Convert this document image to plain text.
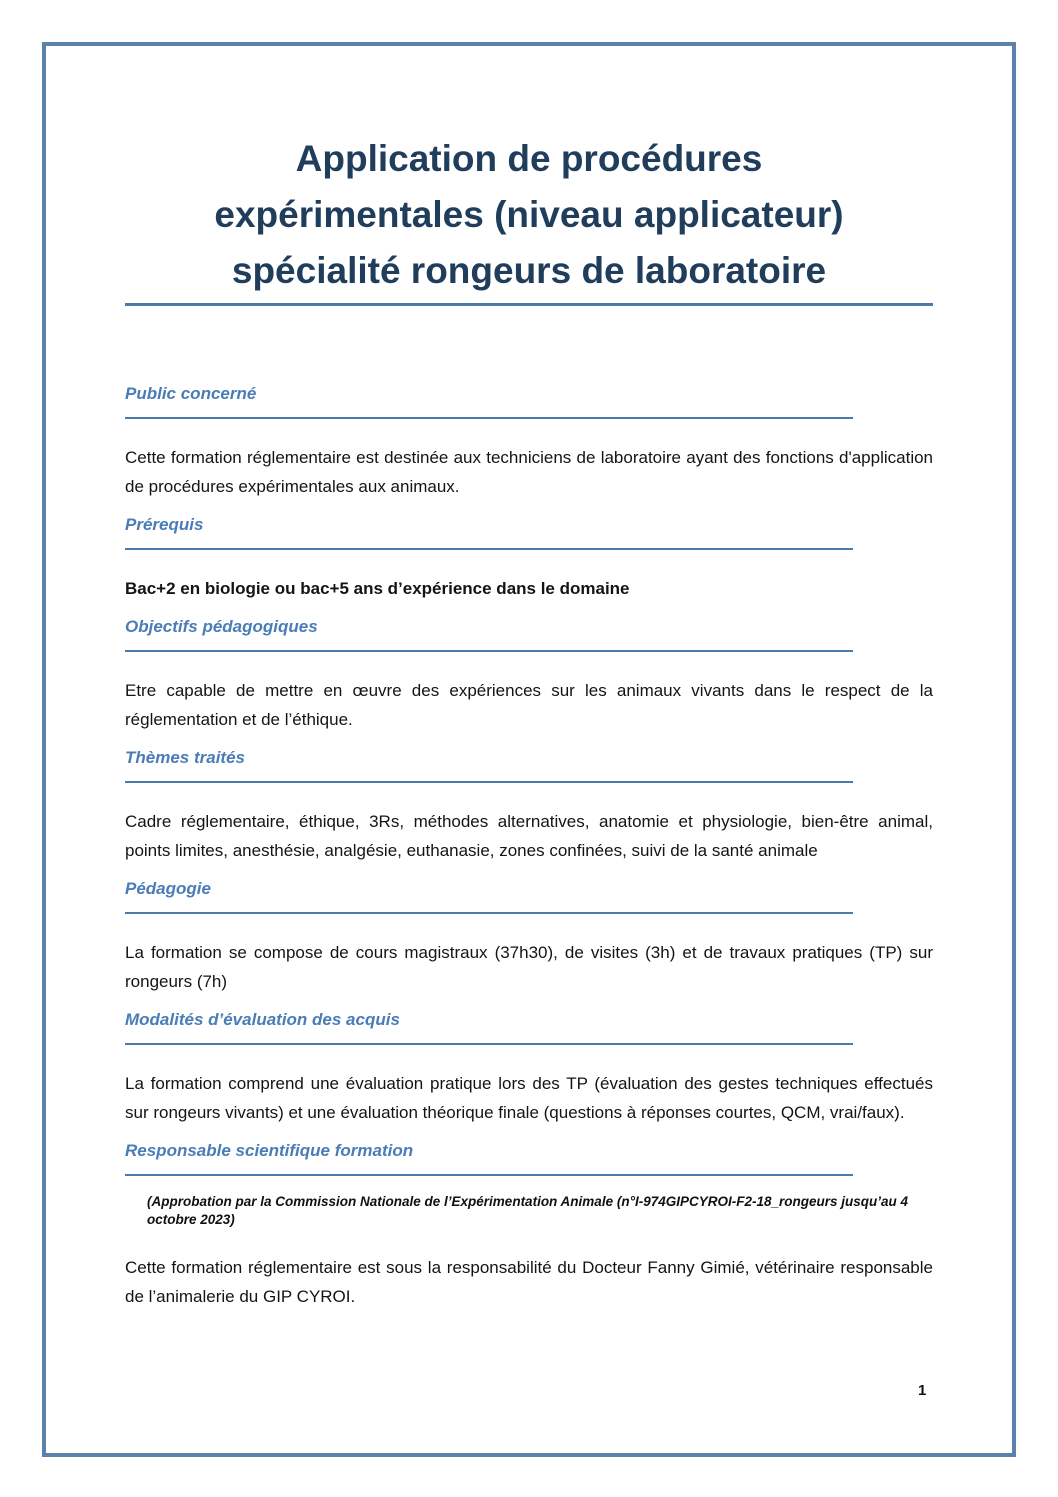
Application de procédures
expérimentales (niveau applicateur)
spécialité rongeurs de laboratoire
Public concerné

Cette formation réglementaire est destinée aux techniciens de laboratoire ayant des fonctions d'application de procédures expérimentales aux animaux.

Prérequis

Bac+2 en biologie ou bac+5 ans d’expérience dans le domaine

Objectifs pédagogiques

Etre capable de mettre en œuvre des expériences sur les animaux vivants dans le respect de la réglementation et de l’éthique.

Thèmes traités

Cadre réglementaire, éthique, 3Rs, méthodes alternatives, anatomie et physiologie, bien-être animal, points limites, anesthésie, analgésie, euthanasie, zones confinées, suivi de la santé animale

Pédagogie

La formation se compose de cours magistraux (37h30), de visites (3h) et de travaux pratiques (TP) sur rongeurs (7h)

Modalités d’évaluation des acquis

La formation comprend une évaluation pratique lors des TP (évaluation des gestes techniques effectués sur rongeurs vivants) et une évaluation théorique finale (questions à réponses courtes, QCM, vrai/faux).

Responsable scientifique formation

(Approbation par la Commission Nationale de l’Expérimentation Animale (n°I-974GIPCYROI-F2-18_rongeurs jusqu’au 4 octobre 2023)

Cette formation réglementaire est sous la responsabilité du Docteur Fanny Gimié, vétérinaire responsable de l’animalerie du GIP CYROI.

1
